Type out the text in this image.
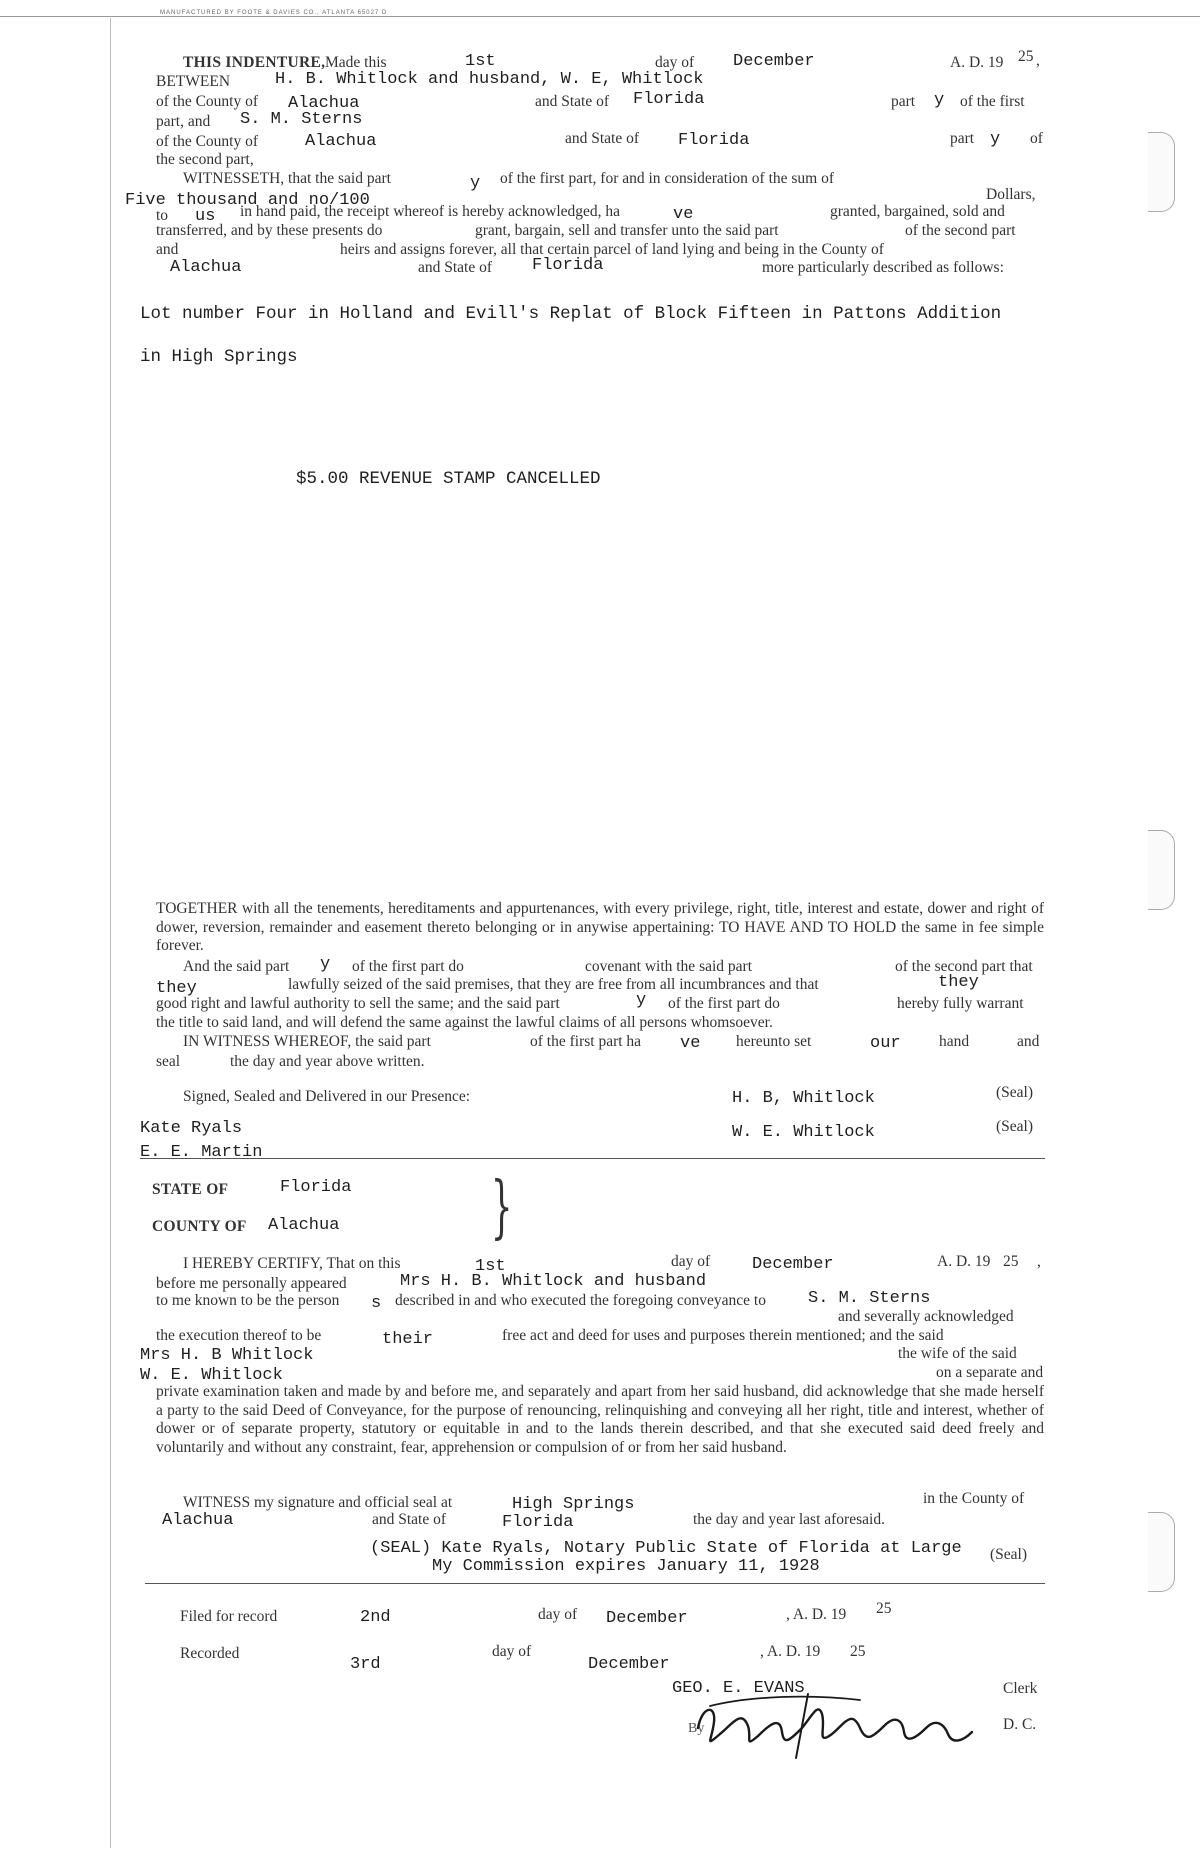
MANUFACTURED BY FOOTE & DAVIES CO., ATLANTA 65027 D
THIS INDENTURE, Made this	1st	day of December	A. D. 19 25 ,
BETWEEN	H. B. Whitlock and husband, W. E, Whitlock
of the County of Alachua	and State of Florida	part y of the first
part, and S. M. Sterns
of the County of	Alachua	and State of Florida	part y of
the second part,
WITNESSETH, that the said part	y of the first part, for and in consideration of the sum of
Five thousand and no/100	Dollars,
to us in hand paid, the receipt whereof is hereby acknowledged, ha	ve	granted, bargained, sold and
transferred, and by these presents do	grant, bargain, sell and transfer unto the said part	of the second part
and	heirs and assigns forever, all that certain parcel of land lying and being in the County of
Alachua	and State of Florida	more particularly described as follows:
Lot number Four in Holland and Evill's Replat of Block Fifteen in Pattons Addition
in High Springs
$5.00 REVENUE STAMP CANCELLED
TOGETHER with all the tenements, hereditaments and appurtenances, with every privilege, right, title, interest and estate, dower and right of dower, reversion, remainder and easement thereto belonging or in anywise appertaining: TO HAVE AND TO HOLD the same in fee simple forever.
And the said part y of the first part do	covenant with the said part	of the second part that
they	lawfully seized of the said premises, that they are free from all incumbrances and that	they
good right and lawful authority to sell the same; and the said part	y of the first part do	hereby fully warrant
the title to said land, and will defend the same against the lawful claims of all persons whomsoever.
IN WITNESS WHEREOF, the said part	of the first part ha ve hereunto set	our hand	and
seal	the day and year above written.
Signed, Sealed and Delivered in our Presence:	H. B, Whitlock	(Seal)
Kate Ryals	W. E. Whitlock	(Seal)
E. E. Martin
STATE OF	Florida
COUNTY OF Alachua }
I HEREBY CERTIFY, That on this	1st	day of December	A. D. 19 25 ,
before me personally appeared	Mrs H. B. Whitlock and husband
to me known to be the person s described in and who executed the foregoing conveyance to S. M. Sterns
and severally acknowledged
the execution thereof to be	their	free act and deed for uses and purposes therein mentioned; and the said
Mrs H. B Whitlock	the wife of the said
W. E. Whitlock	on a separate and
private examination taken and made by and before me, and separately and apart from her said husband, did acknowledge that she made herself a party to the said Deed of Conveyance, for the purpose of renouncing, relinquishing and conveying all her right, title and interest, whether of dower or of separate property, statutory or equitable in and to the lands therein described, and that she executed said deed freely and voluntarily and without any constraint, fear, apprehension or compulsion of or from her said husband.
WITNESS my signature and official seal at	High Springs	in the County of
Alachua	and State of	Florida	the day and year last aforesaid.
(SEAL) Kate Ryals, Notary Public State of Florida at Large
My Commission expires January 11, 1928
(Seal)
Filed for record	2nd	day of December	, A. D. 19 25
Recorded
3rd
day of
December
, A. D. 19 25
GEO. E. EVANS	Clerk
By	D. C.
